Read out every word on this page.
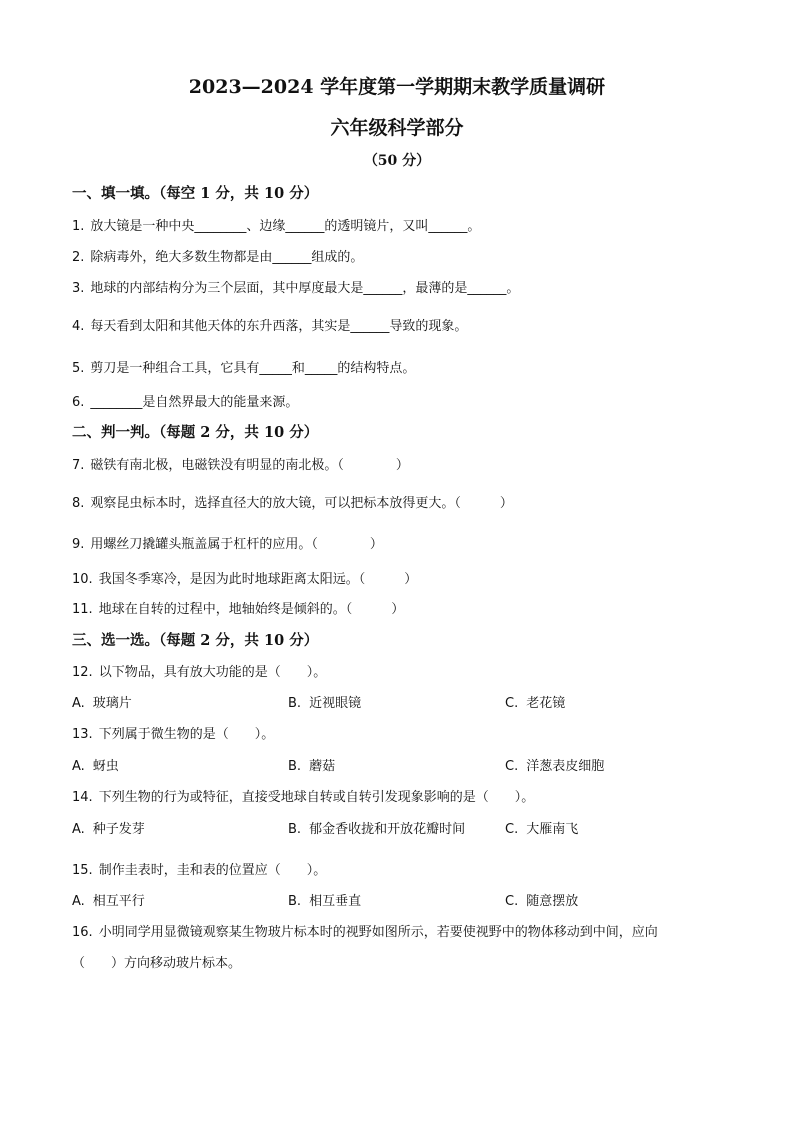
2023—2024 学年度第一学期期末教学质量调研
六年级科学部分
（50 分）
一、填一填。（每空 1 分，共 10 分）
1. 放大镜是一种中央________、边缘______的透明镜片，又叫______。
2. 除病毒外，绝大多数生物都是由______组成的。
3. 地球的内部结构分为三个层面，其中厚度最大是______，最薄的是______。
4. 每天看到太阳和其他天体的东升西落，其实是______导致的现象。
5. 剪刀是一种组合工具，它具有_____和_____的结构特点。
6. ________是自然界最大的能量来源。
二、判一判。（每题 2 分，共 10 分）
7. 磁铁有南北极，电磁铁没有明显的南北极。（　　　　）
8. 观察昆虫标本时，选择直径大的放大镜，可以把标本放得更大。（　　　）
9. 用螺丝刀撬罐头瓶盖属于杠杆的应用。（　　　　）
10. 我国冬季寒冷，是因为此时地球距离太阳远。（　　　）
11. 地球在自转的过程中，地轴始终是倾斜的。（　　　）
三、选一选。（每题 2 分，共 10 分）
12. 以下物品，具有放大功能的是（　　）。
A. 玻璃片	B. 近视眼镜	C. 老花镜
13. 下列属于微生物的是（　　）。
A. 蚜虫	B. 蘑菇	C. 洋葱表皮细胞
14. 下列生物的行为或特征，直接受地球自转或自转引发现象影响的是（　　）。
A. 种子发芽	B. 郁金香收拢和开放花瓣时间	C. 大雁南飞
15. 制作圭表时，圭和表的位置应（　　）。
A. 相互平行	B. 相互垂直	C. 随意摆放
16. 小明同学用显微镜观察某生物玻片标本时的视野如图所示，若要使视野中的物体移动到中间，应向
（　　）方向移动玻片标本。
